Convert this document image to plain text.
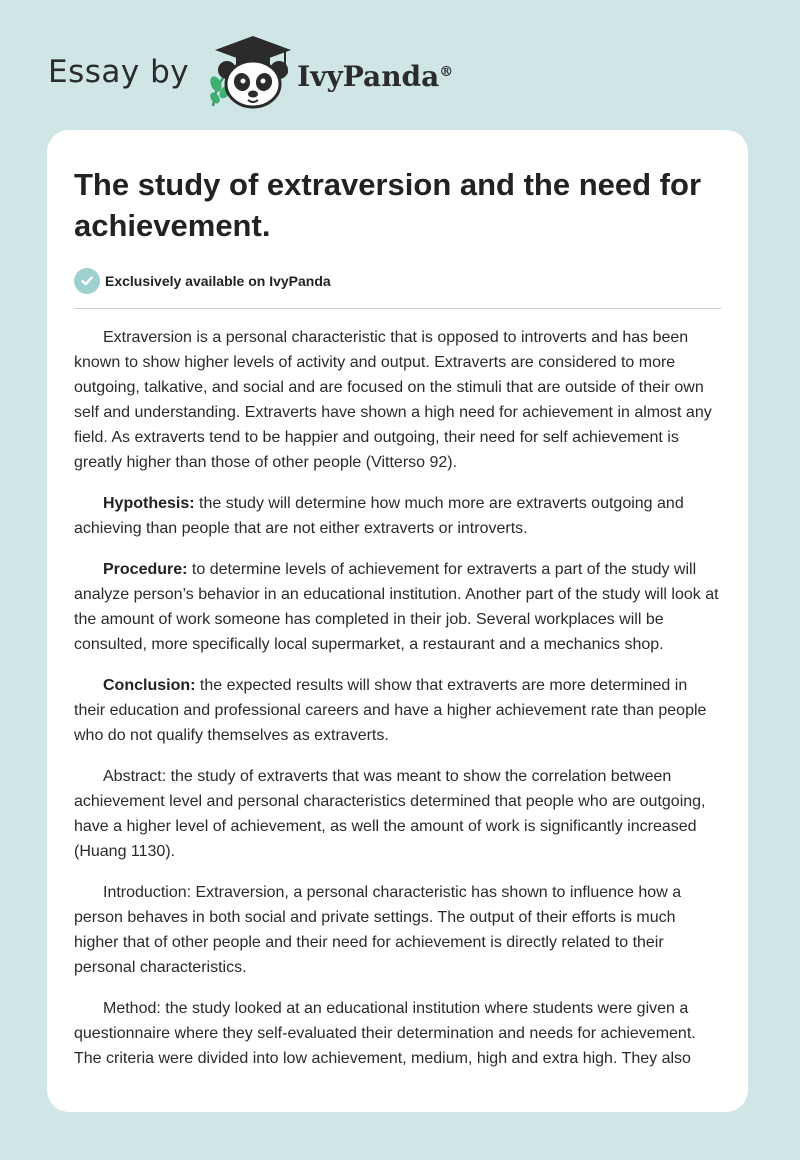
Essay by	IvyPanda®
The study of extraversion and the need for achievement.
Exclusively available on IvyPanda

Extraversion is a personal characteristic that is opposed to introverts and has been known to show higher levels of activity and output. Extraverts are considered to more outgoing, talkative, and social and are focused on the stimuli that are outside of their own self and understanding. Extraverts have shown a high need for achievement in almost any field. As extraverts tend to be happier and outgoing, their need for self achievement is greatly higher than those of other people (Vitterso 92).

Hypothesis: the study will determine how much more are extraverts outgoing and achieving than people that are not either extraverts or introverts.

Procedure: to determine levels of achievement for extraverts a part of the study will analyze person’s behavior in an educational institution. Another part of the study will look at the amount of work someone has completed in their job. Several workplaces will be consulted, more specifically local supermarket, a restaurant and a mechanics shop.

Conclusion: the expected results will show that extraverts are more determined in their education and professional careers and have a higher achievement rate than people who do not qualify themselves as extraverts.

Abstract: the study of extraverts that was meant to show the correlation between achievement level and personal characteristics determined that people who are outgoing, have a higher level of achievement, as well the amount of work is significantly increased (Huang 1130).

Introduction: Extraversion, a personal characteristic has shown to influence how a person behaves in both social and private settings. The output of their efforts is much higher that of other people and their need for achievement is directly related to their personal characteristics.

Method: the study looked at an educational institution where students were given a questionnaire where they self-evaluated their determination and needs for achievement. The criteria were divided into low achievement, medium, high and extra high. They also
